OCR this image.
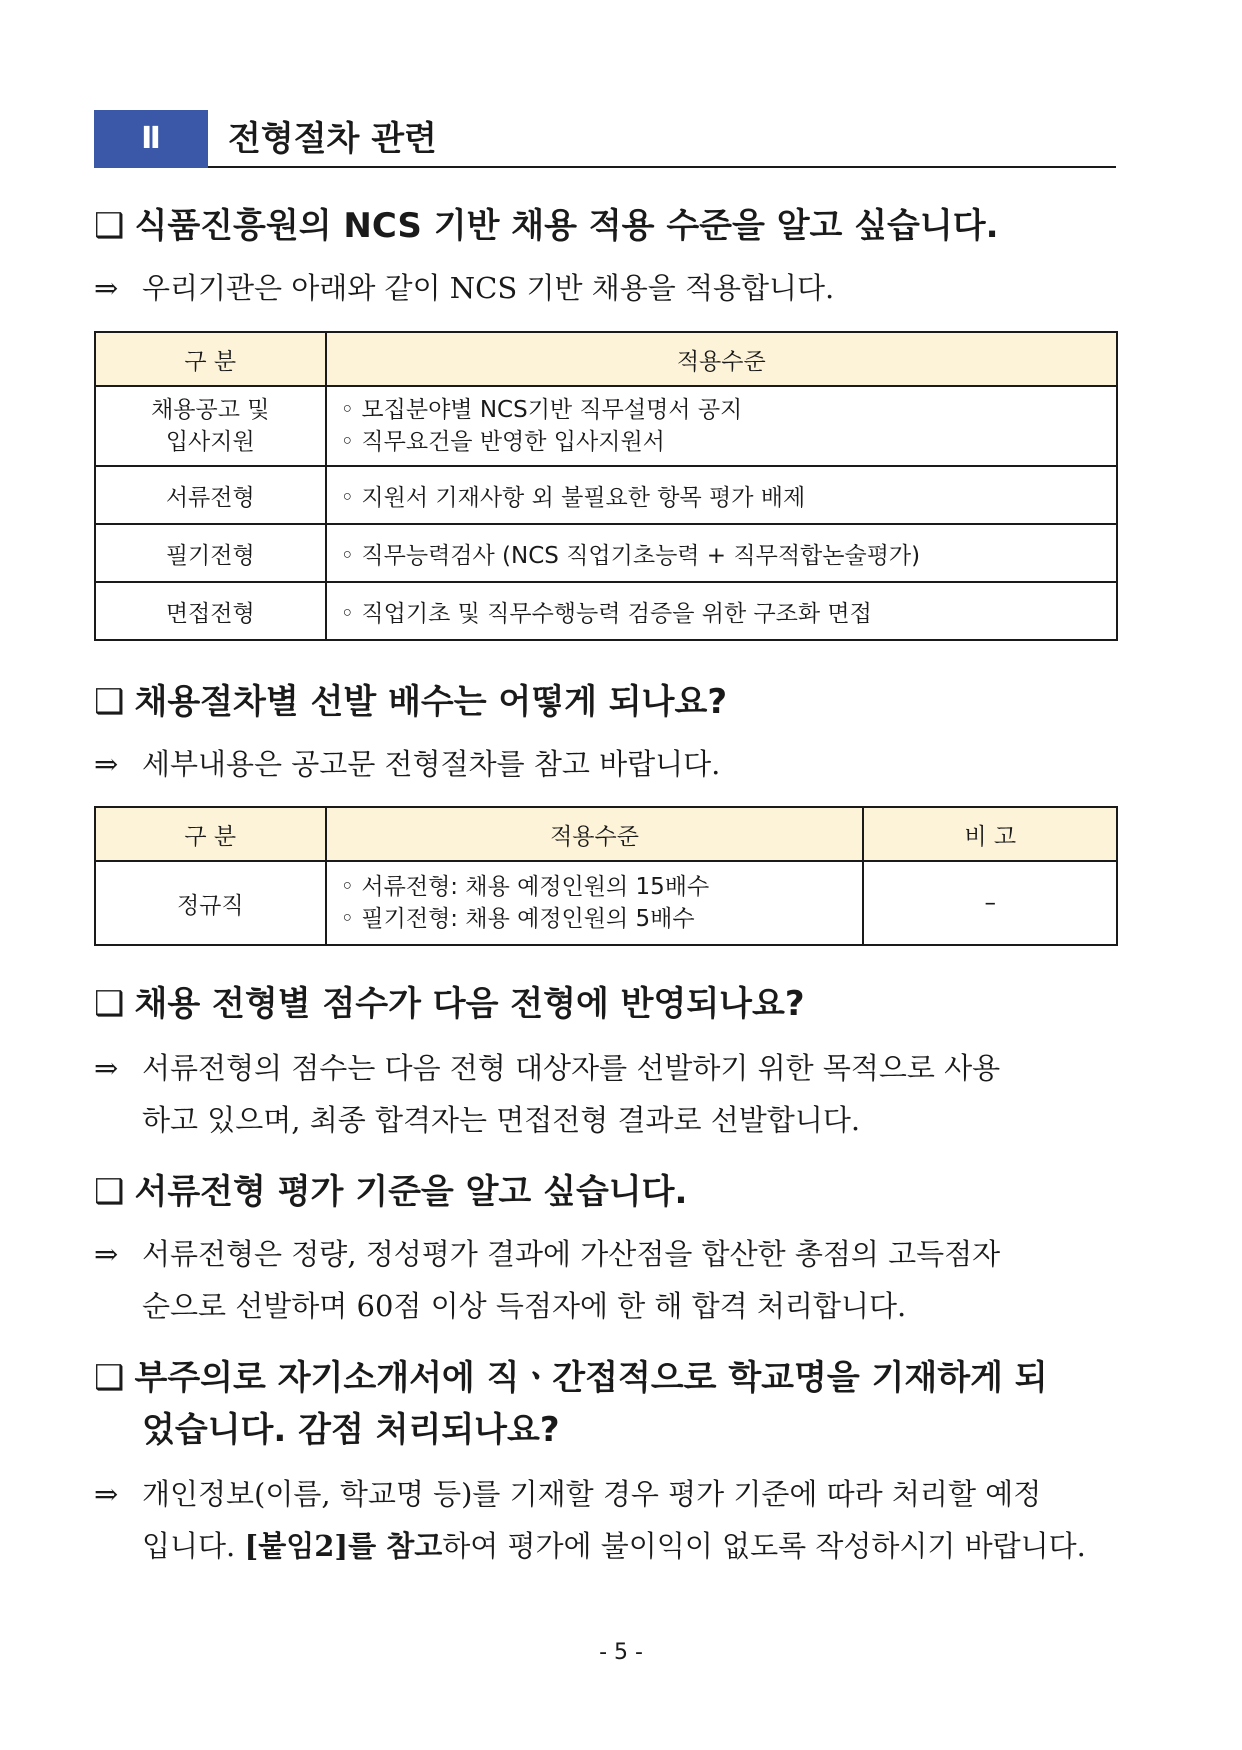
Ⅱ	전형절차 관련
❑ 식품진흥원의 NCS 기반 채용 적용 수준을 알고 싶습니다.
⇒ 우리기관은 아래와 같이 NCS 기반 채용을 적용합니다.
구 분	적용수준

채용공고 및
입사지원	◦ 모집분야별 NCS기반 직무설명서 공지
◦ 직무요건을 반영한 입사지원서

서류전형	◦ 지원서 기재사항 외 불필요한 항목 평가 배제
필기전형	◦ 직무능력검사 (NCS 직업기초능력 + 직무적합논술평가)
면접전형	◦ 직업기초 및 직무수행능력 검증을 위한 구조화 면접
❑ 채용절차별 선발 배수는 어떻게 되나요?
⇒ 세부내용은 공고문 전형절차를 참고 바랍니다.
구 분	적용수준	비 고
정규직	◦ 서류전형: 채용 예정인원의 15배수
◦ 필기전형: 채용 예정인원의 5배수	–
❑ 채용 전형별 점수가 다음 전형에 반영되나요?
⇒ 서류전형의 점수는 다음 전형 대상자를 선발하기 위한 목적으로 사용
하고 있으며, 최종 합격자는 면접전형 결과로 선발합니다.
❑ 서류전형 평가 기준을 알고 싶습니다.
⇒ 서류전형은 정량, 정성평가 결과에 가산점을 합산한 총점의 고득점자
순으로 선발하며 60점 이상 득점자에 한 해 합격 처리합니다.
❑ 부주의로 자기소개서에 직ㆍ간접적으로 학교명을 기재하게 되
었습니다. 감점 처리되나요?
⇒ 개인정보(이름, 학교명 등)를 기재할 경우 평가 기준에 따라 처리할 예정
입니다. [붙임2]를 참고하여 평가에 불이익이 없도록 작성하시기 바랍니다.
- 5 -
